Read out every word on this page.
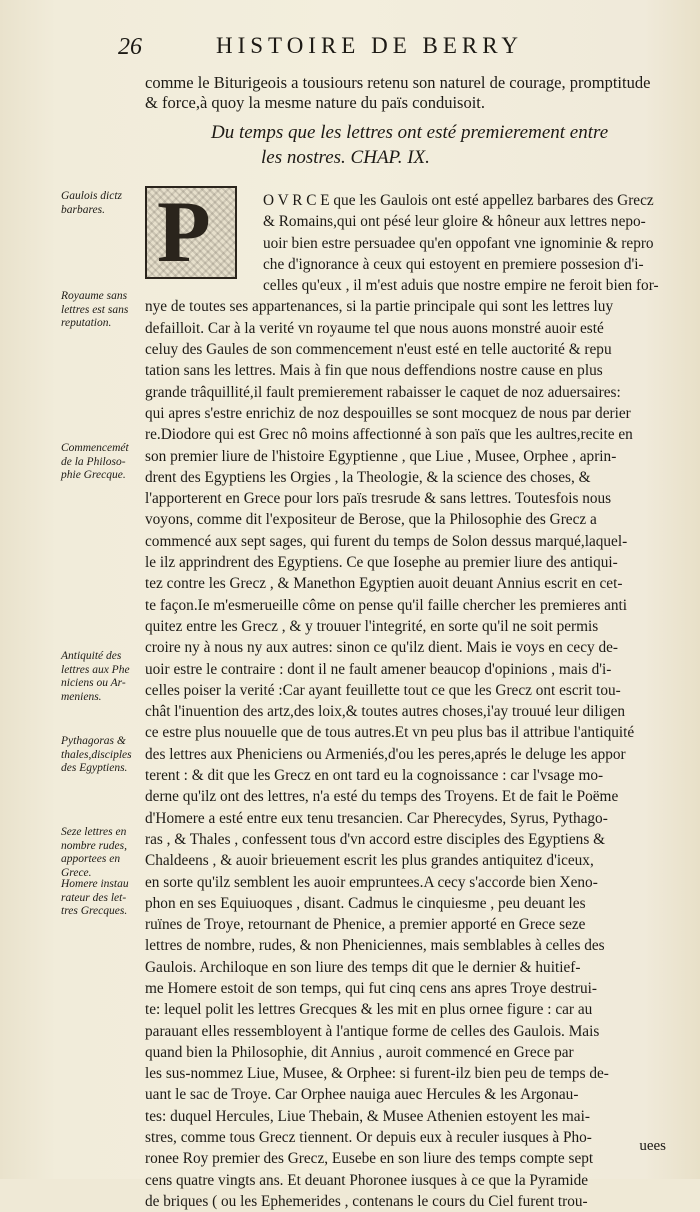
26	HISTOIRE DE BERRY
comme le Biturigeois a tousiours retenu son naturel de courage, promptitude
& force,à quoy la mesme nature du païs conduisoit.
Du temps que les lettres ont esté premierement entre
les nostres. CHAP. IX.
P	O V R C E que les Gaulois ont esté appellez barbares des Grecz
& Romains,qui ont pésé leur gloire & hôneur aux lettres nepo-
uoir bien estre persuadee qu'en oppofant vne ignominie & repro
che d'ignorance à ceux qui estoyent en premiere possesion d'i-
celles qu'eux , il m'est aduis que nostre empire ne feroit bien for-
nye de toutes ses appartenances, si la partie principale qui sont les lettres luy
defailloit. Car à la verité vn royaume tel que nous auons monstré auoir esté
celuy des Gaules de son commencement n'eust esté en telle auctorité & repu
tation sans les lettres. Mais à fin que nous deffendions nostre cause en plus
grande trâquillité,il fault premierement rabaisser le caquet de noz aduersaires:
qui apres s'estre enrichiz de noz despouilles se sont mocquez de nous par derier
re.Diodore qui est Grec nô moins affectionné à son païs que les aultres,recite en
son premier liure de l'histoire Egyptienne , que Liue , Musee, Orphee , aprin-
drent des Egyptiens les Orgies , la Theologie, & la science des choses, &
l'apporterent en Grece pour lors païs tresrude & sans lettres. Toutesfois nous
voyons, comme dit l'expositeur de Berose, que la Philosophie des Grecz a
commencé aux sept sages, qui furent du temps de Solon dessus marqué,laquel-
le ilz apprindrent des Egyptiens. Ce que Iosephe au premier liure des antiqui-
tez contre les Grecz , & Manethon Egyptien auoit deuant Annius escrit en cet-
te façon.Ie m'esmerueille côme on pense qu'il faille chercher les premieres anti
quitez entre les Grecz , & y trouuer l'integrité, en sorte qu'il ne soit permis
croire ny à nous ny aux autres: sinon ce qu'ilz dient. Mais ie voys en cecy de-
uoir estre le contraire : dont il ne fault amener beaucop d'opinions , mais d'i-
celles poiser la verité :Car ayant feuillette tout ce que les Grecz ont escrit tou-
chât l'inuention des artz,des loix,& toutes autres choses,i'ay trouué leur diligen
ce estre plus nouuelle que de tous autres.Et vn peu plus bas il attribue l'antiquité
des lettres aux Pheniciens ou Armeniés,d'ou les peres,aprés le deluge les appor
terent : & dit que les Grecz en ont tard eu la cognoissance : car l'vsage mo-
derne qu'ilz ont des lettres, n'a esté du temps des Troyens. Et de fait le Poëme
d'Homere a esté entre eux tenu tresancien. Car Pherecydes, Syrus, Pythago-
ras , & Thales , confessent tous d'vn accord estre disciples des Egyptiens &
Chaldeens , & auoir brieuement escrit les plus grandes antiquitez d'iceux,
en sorte qu'ilz semblent les auoir empruntees.A cecy s'accorde bien Xeno-
phon en ses Equiuoques , disant. Cadmus le cinquiesme , peu deuant les
ruïnes de Troye, retournant de Phenice, a premier apporté en Grece seze
lettres de nombre, rudes, & non Pheniciennes, mais semblables à celles des
Gaulois. Archiloque en son liure des temps dit que le dernier & huitief-
me Homere estoit de son temps, qui fut cinq cens ans apres Troye destrui-
te: lequel polit les lettres Grecques & les mit en plus ornee figure : car au
parauant elles ressembloyent à l'antique forme de celles des Gaulois. Mais
quand bien la Philosophie, dit Annius , auroit commencé en Grece par
les sus-nommez Liue, Musee, & Orphee: si furent-ilz bien peu de temps de-
uant le sac de Troye. Car Orphee nauiga auec Hercules & les Argonau-
tes: duquel Hercules, Liue Thebain, & Musee Athenien estoyent les mai-
stres, comme tous Grecz tiennent. Or depuis eux à reculer iusques à Pho-
ronee Roy premier des Grecz, Eusebe en son liure des temps compte sept
cens quatre vingts ans. Et deuant Phoronee iusques à ce que la Pyramide
de briques ( ou les Ephemerides , contenans le cours du Ciel furent trou-
Gaulois dictz
barbares.
Royaume sans
lettres est sans
reputation.
Commencemét
de la Philoso-
phie Grecque.
Antiquité des
lettres aux Phe
niciens ou Ar-
meniens.
Pythagoras &
thales,disciples
des Egyptiens.
Seze lettres en
nombre rudes,
apportees en
Grece.
Homere instau
rateur des let-
tres Grecques.
uees
